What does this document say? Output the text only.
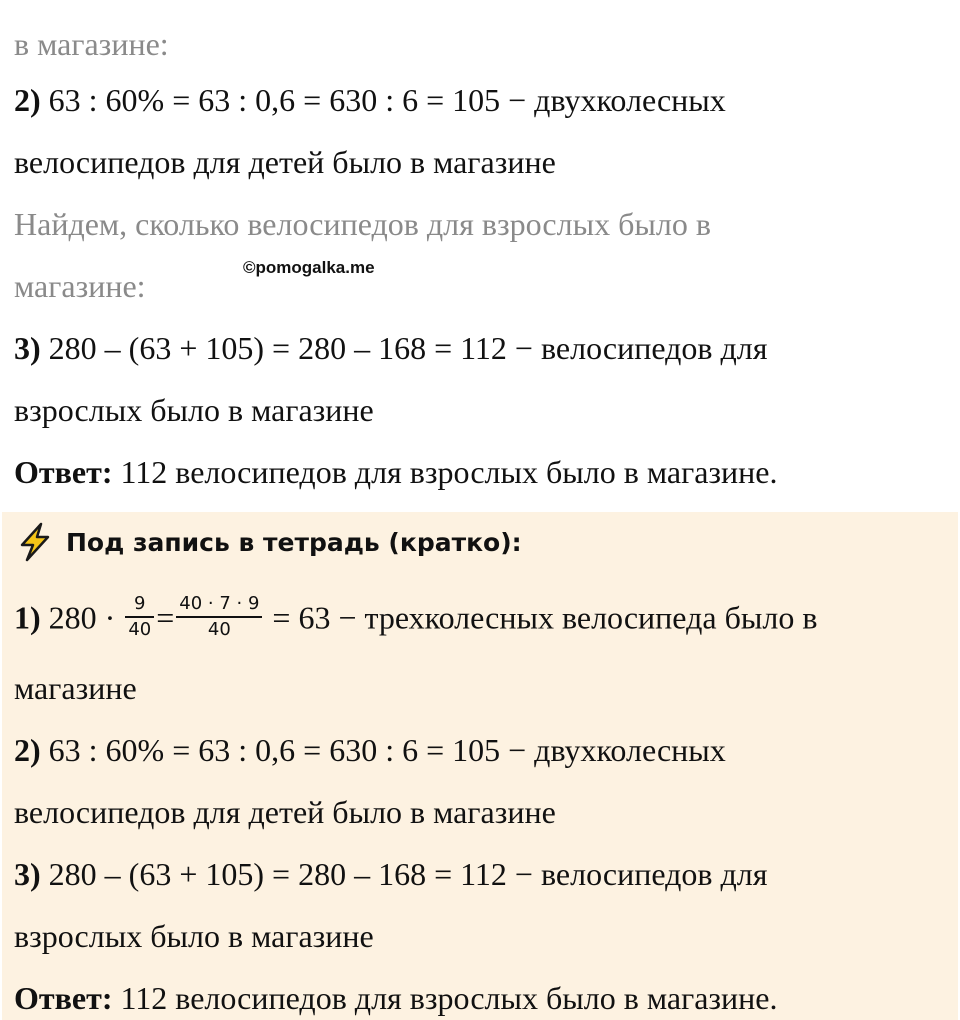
в магазине:
2) 63 : 60% = 63 : 0,6 = 630 : 6 = 105 − двухколесных
велосипедов для детей было в магазине
Найдем, сколько велосипедов для взрослых было в
магазине:
©pomogalka.me
3) 280 – (63 + 105) = 280 – 168 = 112 − велосипедов для
взрослых было в магазине
Ответ: 112 велосипедов для взрослых было в магазине.
Под запись в тетрадь (кратко):
1) $280 \cdot \frac{9}{40} = \frac{40 \cdot 7 \cdot 9}{40} = 63$ − трехколесных велосипеда было в
магазине
2) 63 : 60% = 63 : 0,6 = 630 : 6 = 105 − двухколесных
велосипедов для детей было в магазине
3) 280 – (63 + 105) = 280 – 168 = 112 − велосипедов для
взрослых было в магазине
Ответ: 112 велосипедов для взрослых было в магазине.
